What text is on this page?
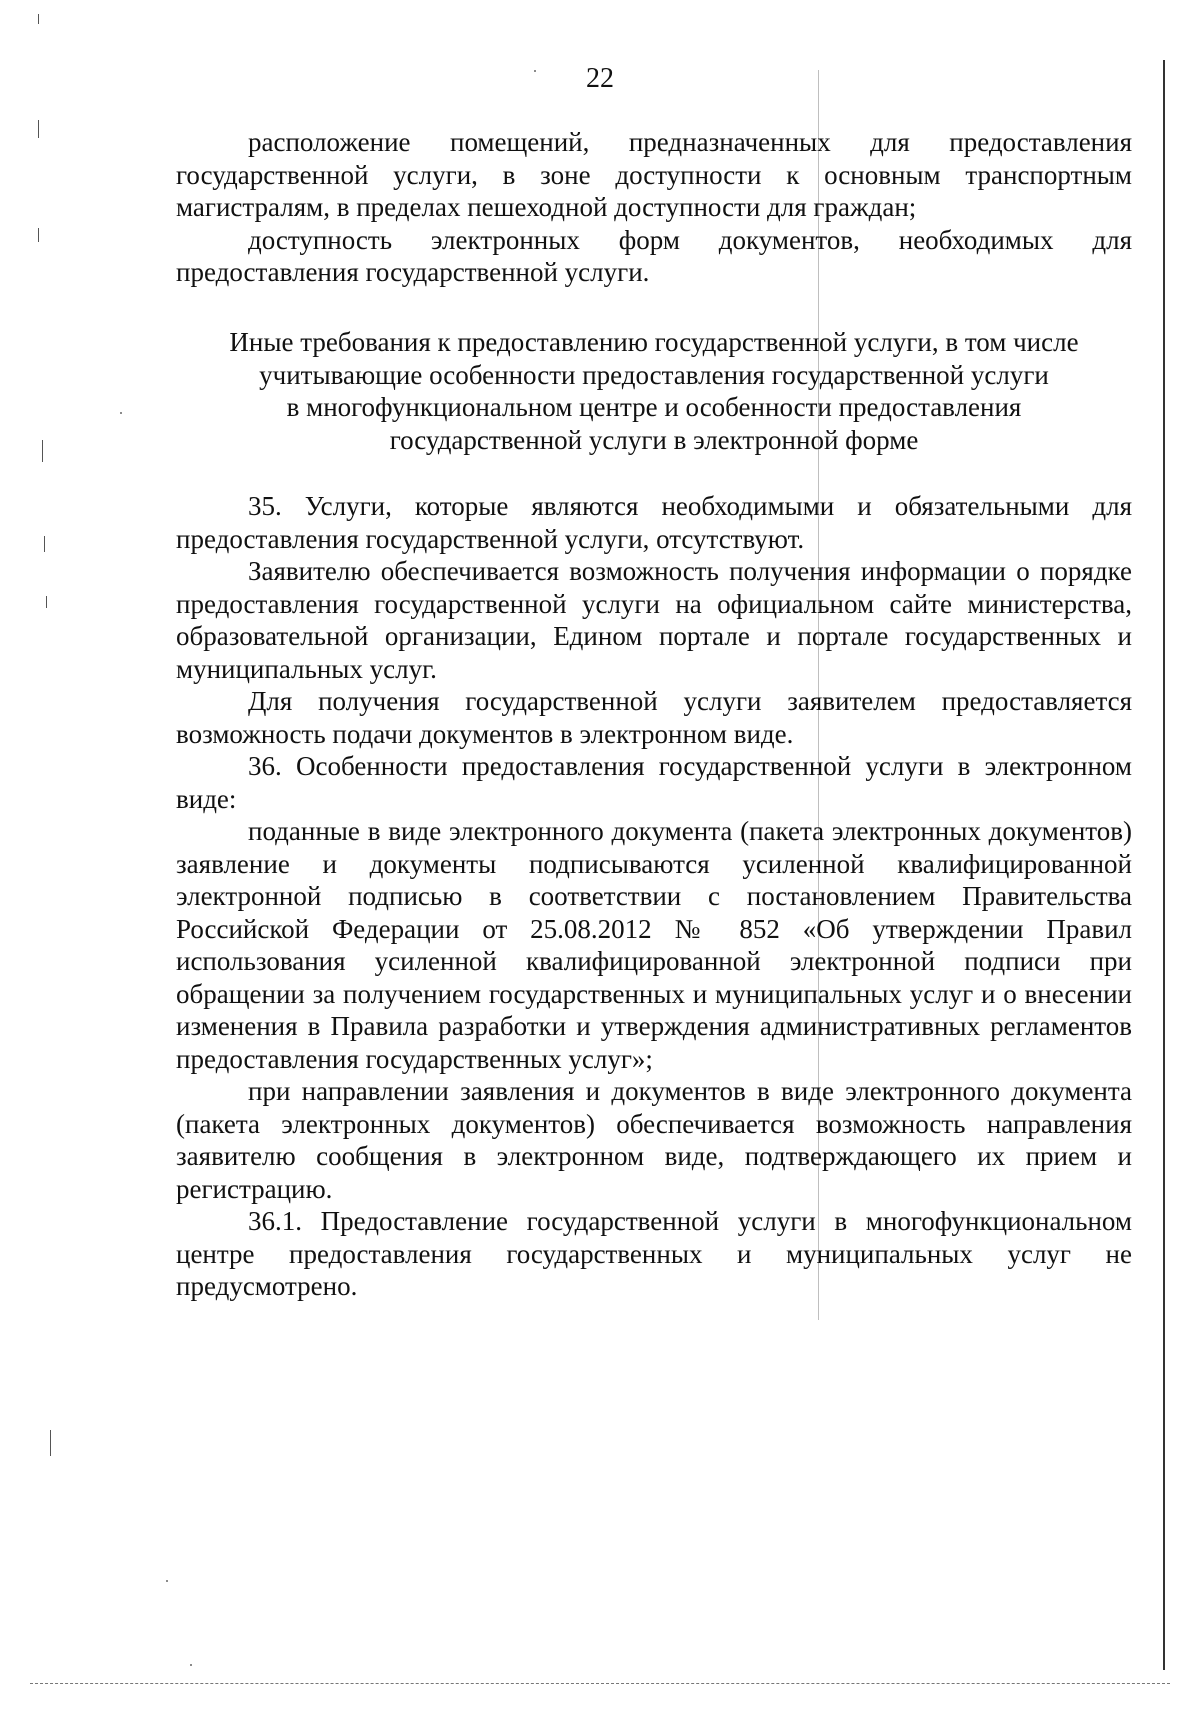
22

расположение помещений, предназначенных для предоставления государственной услуги, в зоне доступности к основным транспортным магистралям, в пределах пешеходной доступности для граждан;

доступность электронных форм документов, необходимых для предоставления государственной услуги.

Иные требования к предоставлению государственной услуги, в том числе
учитывающие особенности предоставления государственной услуги
в многофункциональном центре и особенности предоставления
государственной услуги в электронной форме

35. Услуги, которые являются необходимыми и обязательными для предоставления государственной услуги, отсутствуют.

Заявителю обеспечивается возможность получения информации о порядке предоставления государственной услуги на официальном сайте министерства, образовательной организации, Едином портале и портале государственных и муниципальных услуг.

Для получения государственной услуги заявителем предоставляется возможность подачи документов в электронном виде.

36. Особенности предоставления государственной услуги в электронном виде:

поданные в виде электронного документа (пакета электронных документов) заявление и документы подписываются усиленной квалифицированной электронной подписью в соответствии с постановлением Правительства Российской Федерации от 25.08.2012 № 852 «Об утверждении Правил использования усиленной квалифицированной электронной подписи при обращении за получением государственных и муниципальных услуг и о внесении изменения в Правила разработки и утверждения административных регламентов предоставления государственных услуг»;

при направлении заявления и документов в виде электронного документа (пакета электронных документов) обеспечивается возможность направления заявителю сообщения в электронном виде, подтверждающего их прием и регистрацию.

36.1. Предоставление государственной услуги в многофункциональном центре предоставления государственных и муниципальных услуг не предусмотрено.
